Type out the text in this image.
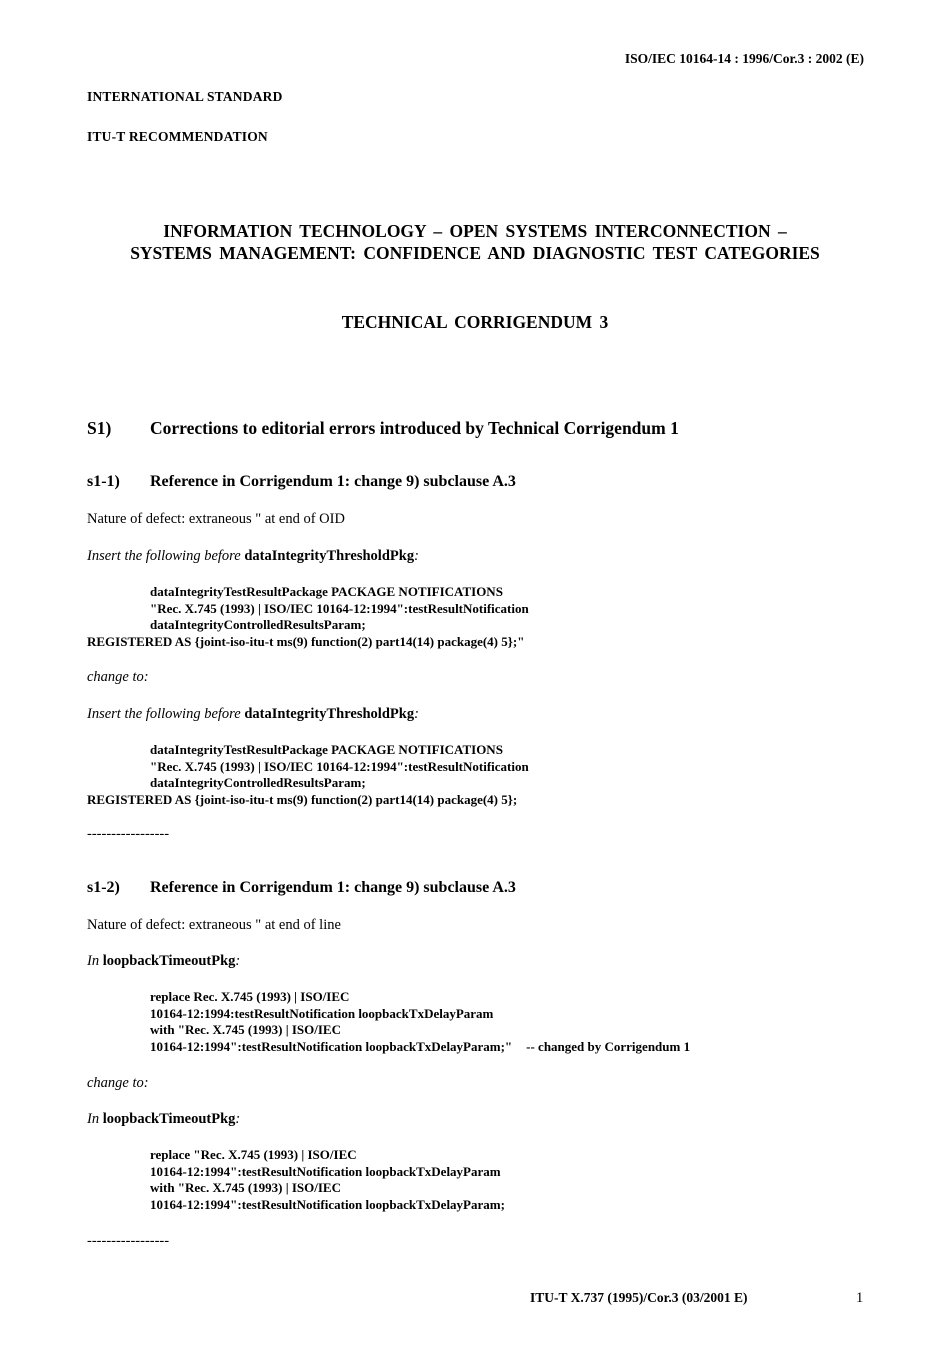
ISO/IEC 10164-14 : 1996/Cor.3 : 2002 (E)
INTERNATIONAL STANDARD
ITU-T RECOMMENDATION
INFORMATION TECHNOLOGY – OPEN SYSTEMS INTERCONNECTION –
SYSTEMS MANAGEMENT: CONFIDENCE AND DIAGNOSTIC TEST CATEGORIES
TECHNICAL CORRIGENDUM 3
S1) Corrections to editorial errors introduced by Technical Corrigendum 1
s1-1) Reference in Corrigendum 1: change 9) subclause A.3
Nature of defect: extraneous " at end of OID
Insert the following before dataIntegrityThresholdPkg:
dataIntegrityTestResultPackage PACKAGE NOTIFICATIONS
"Rec. X.745 (1993) | ISO/IEC 10164-12:1994":testResultNotification
dataIntegrityControlledResultsParam;
REGISTERED AS {joint-iso-itu-t ms(9) function(2) part14(14) package(4) 5};"
change to:
Insert the following before dataIntegrityThresholdPkg:
dataIntegrityTestResultPackage PACKAGE NOTIFICATIONS
"Rec. X.745 (1993) | ISO/IEC 10164-12:1994":testResultNotification
dataIntegrityControlledResultsParam;
REGISTERED AS {joint-iso-itu-t ms(9) function(2) part14(14) package(4) 5};
-----------------
s1-2) Reference in Corrigendum 1: change 9) subclause A.3
Nature of defect: extraneous " at end of line
In loopbackTimeoutPkg:
replace Rec. X.745 (1993) | ISO/IEC
10164-12:1994:testResultNotification loopbackTxDelayParam
with "Rec. X.745 (1993) | ISO/IEC
10164-12:1994":testResultNotification loopbackTxDelayParam;" -- changed by Corrigendum 1
change to:
In loopbackTimeoutPkg:
replace "Rec. X.745 (1993) | ISO/IEC
10164-12:1994":testResultNotification loopbackTxDelayParam
with "Rec. X.745 (1993) | ISO/IEC
10164-12:1994":testResultNotification loopbackTxDelayParam;
-----------------
ITU-T X.737 (1995)/Cor.3 (03/2001 E)	1
